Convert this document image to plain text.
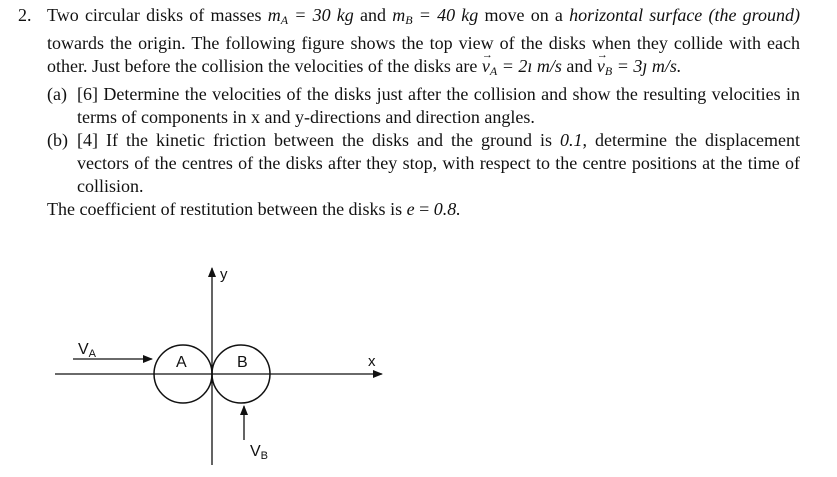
2. Two circular disks of masses $m_A = 30$ kg and $m_B = 40$ kg move on a horizontal surface (the ground) towards the origin. The following figure shows the top view of the disks when they collide with each other. Just before the collision the velocities of the disks are $v \to_A$ = 2ı m/s and $v \to_B$ = 3ȷ m/s.
(a) [6] Determine the velocities of the disks just after the collision and show the resulting velocities in terms of components in x and y-directions and direction angles.
(b) [4] If the kinetic friction between the disks and the ground is 0.1, determine the displacement vectors of the centres of the disks after they stop, with respect to the centre positions at the time of collision.
The coefficient of restitution between the disks is e = 0.8.
x
y
A	B
VA
VB
